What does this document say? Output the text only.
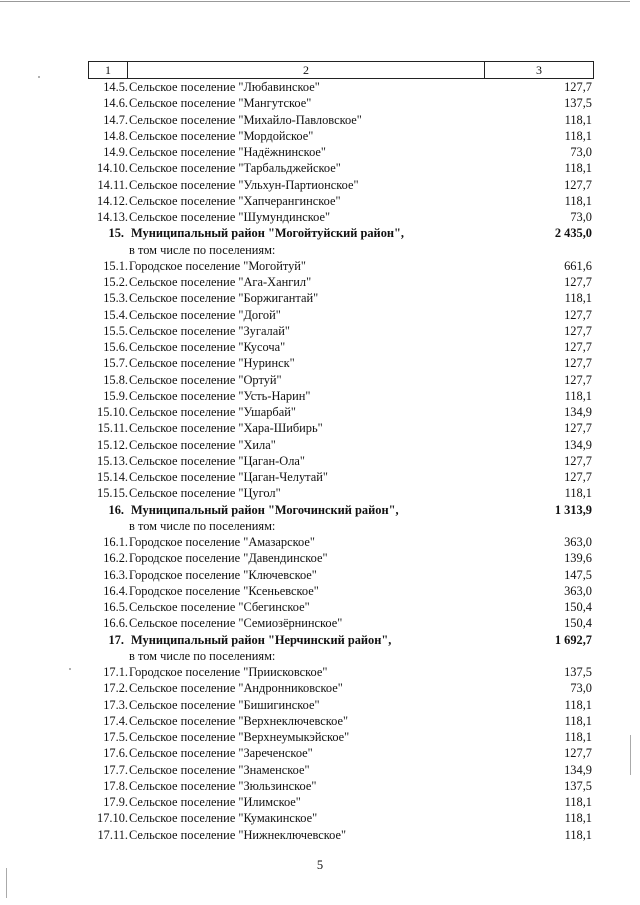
1	2	3
14.5. Сельское поселение "Любавинское"	127,7
14.6. Сельское поселение "Мангутское"	137,5
14.7. Сельское поселение "Михайло-Павловское"	118,1
14.8. Сельское поселение "Мордойское"	118,1
14.9. Сельское поселение "Надёжнинское"	73,0
14.10. Сельское поселение "Тарбальджейское"	118,1
14.11. Сельское поселение "Ульхун-Партионское"	127,7
14.12. Сельское поселение "Хапчерангинское"	118,1
14.13. Сельское поселение "Шумундинское"	73,0
15. Муниципальный район "Могойтуйский район",	2 435,0
в том числе по поселениям:
15.1. Городское поселение "Могойтуй"	661,6
15.2. Сельское поселение "Ага-Хангил"	127,7
15.3. Сельское поселение "Боржигантай"	118,1
15.4. Сельское поселение "Догой"	127,7
15.5. Сельское поселение "Зугалай"	127,7
15.6. Сельское поселение "Кусоча"	127,7
15.7. Сельское поселение "Нуринск"	127,7
15.8. Сельское поселение "Ортуй"	127,7
15.9. Сельское поселение "Усть-Нарин"	118,1
15.10. Сельское поселение "Ушарбай"	134,9
15.11. Сельское поселение "Хара-Шибирь"	127,7
15.12. Сельское поселение "Хила"	134,9
15.13. Сельское поселение "Цаган-Ола"	127,7
15.14. Сельское поселение "Цаган-Челутай"	127,7
15.15. Сельское поселение "Цугол"	118,1
16. Муниципальный район "Могочинский район",	1 313,9
в том числе по поселениям:
16.1. Городское поселение "Амазарское"	363,0
16.2. Городское поселение "Давендинское"	139,6
16.3. Городское поселение "Ключевское"	147,5
16.4. Городское поселение "Ксеньевское"	363,0
16.5. Сельское поселение "Сбегинское"	150,4
16.6. Сельское поселение "Семиозёрнинское"	150,4
17. Муниципальный район "Нерчинский район",	1 692,7
в том числе по поселениям:
17.1. Городское поселение "Приисковское"	137,5
17.2. Сельское поселение "Андронниковское"	73,0
17.3. Сельское поселение "Бишигинское"	118,1
17.4. Сельское поселение "Верхнеключевское"	118,1
17.5. Сельское поселение "Верхнеумыкэйское"	118,1
17.6. Сельское поселение "Зареченское"	127,7
17.7. Сельское поселение "Знаменское"	134,9
17.8. Сельское поселение "Зюльзинское"	137,5
17.9. Сельское поселение "Илимское"	118,1
17.10. Сельское поселение "Кумакинское"	118,1
17.11. Сельское поселение "Нижнеключевское"	118,1
5
